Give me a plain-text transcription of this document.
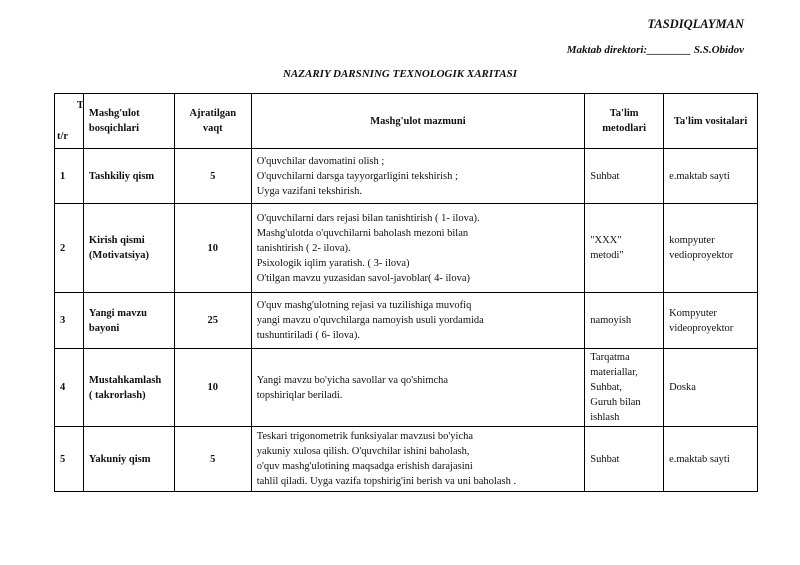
TASDIQLAYMAN
Maktab direktori:________ S.S.Obidov
NAZARIY DARSNING TEXNOLOGIK XARITASI
T
t/r	Mashg'ulot bosqichlari	Ajratilgan vaqt	Mashg'ulot mazmuni	Ta'lim metodlari	Ta'lim vositalari
1	Tashkiliy qism	5	O'quvchilar davomatini olish ;
O'quvchilarni darsga tayyorgarligini tekshirish ;
Uyga vazifani tekshirish.	Suhbat	e.maktab sayti

2	Kirish qismi
(Motivatsiya)	10	O'quvchilarni dars rejasi bilan tanishtirish ( 1- ilova).
Mashg'ulotda o'quvchilarni baholash mezoni bilan
tanishtirish ( 2- ilova).
Psixologik iqlim yaratish. ( 3- ilova)
O'tilgan mavzu yuzasidan savol-javoblar( 4- ilova)	"XXX"
metodi"	kompyuter
vedioproyektor

3	Yangi mavzu
bayoni	25	O'quv mashg'ulotning rejasi va tuzilishiga muvofiq
yangi mavzu o'quvchilarga namoyish usuli yordamida
tushuntiriladi ( 6- ilova).	namoyish	Kompyuter
videoproyektor

4	Mustahkamlash
( takrorlash)	10	Yangi mavzu bo'yicha savollar va qo'shimcha
topshiriqlar beriladi.	Tarqatma
materiallar,
Suhbat,
Guruh bilan
ishlash	Doska

5	Yakuniy qism	5	Teskari trigonometrik funksiyalar mavzusi bo'yicha
yakuniy xulosa qilish. O'quvchilar ishini baholash,
o'quv mashg'ulotining maqsadga erishish darajasini
tahlil qiladi. Uyga vazifa topshirig'ini berish va uni baholash .	Suhbat	e.maktab sayti
